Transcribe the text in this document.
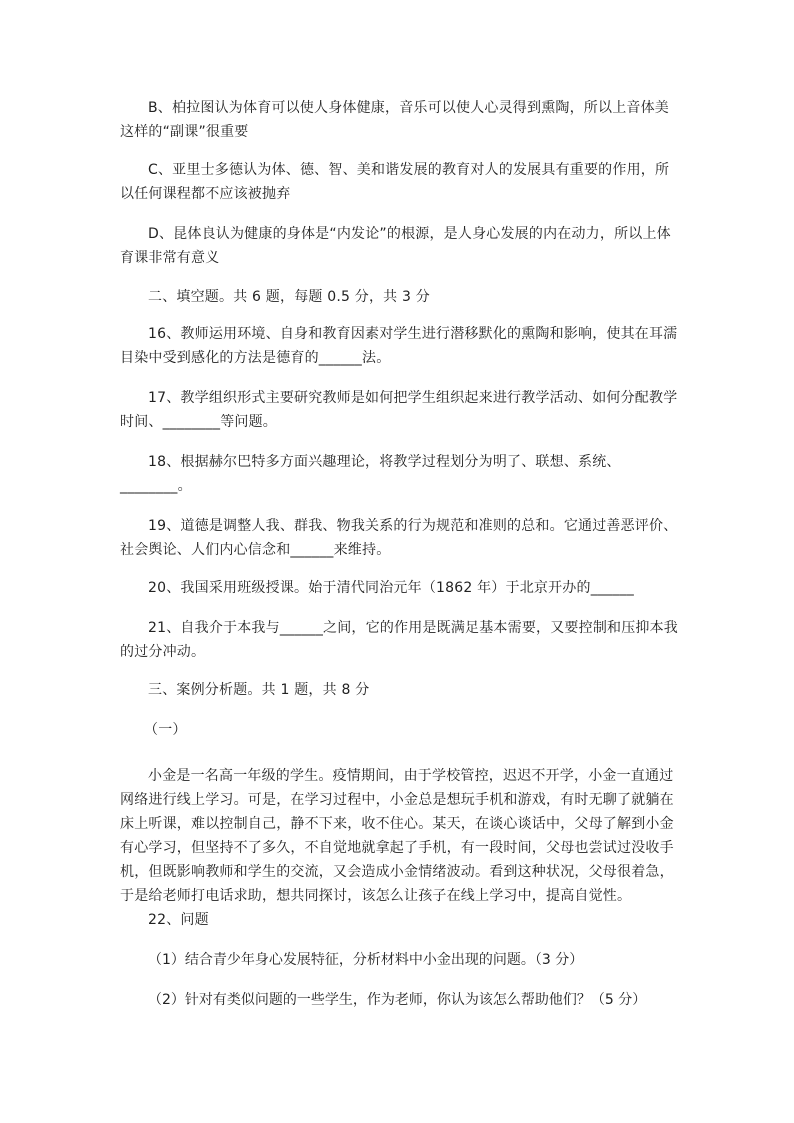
B、柏拉图认为体育可以使人身体健康，音乐可以使人心灵得到熏陶，所以上音体美这样的“副课”很重要

C、亚里士多德认为体、德、智、美和谐发展的教育对人的发展具有重要的作用，所以任何课程都不应该被抛弃

D、昆体良认为健康的身体是“内发论”的根源，是人身心发展的内在动力，所以上体育课非常有意义

二、填空题。共 6 题，每题 0.5 分，共 3 分

16、教师运用环境、自身和教育因素对学生进行潜移默化的熏陶和影响，使其在耳濡目染中受到感化的方法是德育的______法。

17、教学组织形式主要研究教师是如何把学生组织起来进行教学活动、如何分配教学时间、________等问题。

18、根据赫尔巴特多方面兴趣理论，将教学过程划分为明了、联想、系统、________。

19、道德是调整人我、群我、物我关系的行为规范和准则的总和。它通过善恶评价、社会舆论、人们内心信念和______来维持。

20、我国采用班级授课。始于清代同治元年（1862 年）于北京开办的______

21、自我介于本我与______之间，它的作用是既满足基本需要，又要控制和压抑本我的过分冲动。

三、案例分析题。共 1 题，共 8 分

（一）

小金是一名高一年级的学生。疫情期间，由于学校管控，迟迟不开学，小金一直通过网络进行线上学习。可是，在学习过程中，小金总是想玩手机和游戏，有时无聊了就躺在床上听课，难以控制自己，静不下来，收不住心。某天，在谈心谈话中，父母了解到小金有心学习，但坚持不了多久，不自觉地就拿起了手机，有一段时间，父母也尝试过没收手机，但既影响教师和学生的交流，又会造成小金情绪波动。看到这种状况，父母很着急，于是给老师打电话求助，想共同探讨，该怎么让孩子在线上学习中，提高自觉性。

22、问题

（1）结合青少年身心发展特征，分析材料中小金出现的问题。（3 分）

（2）针对有类似问题的一些学生，作为老师，你认为该怎么帮助他们？（5 分）
